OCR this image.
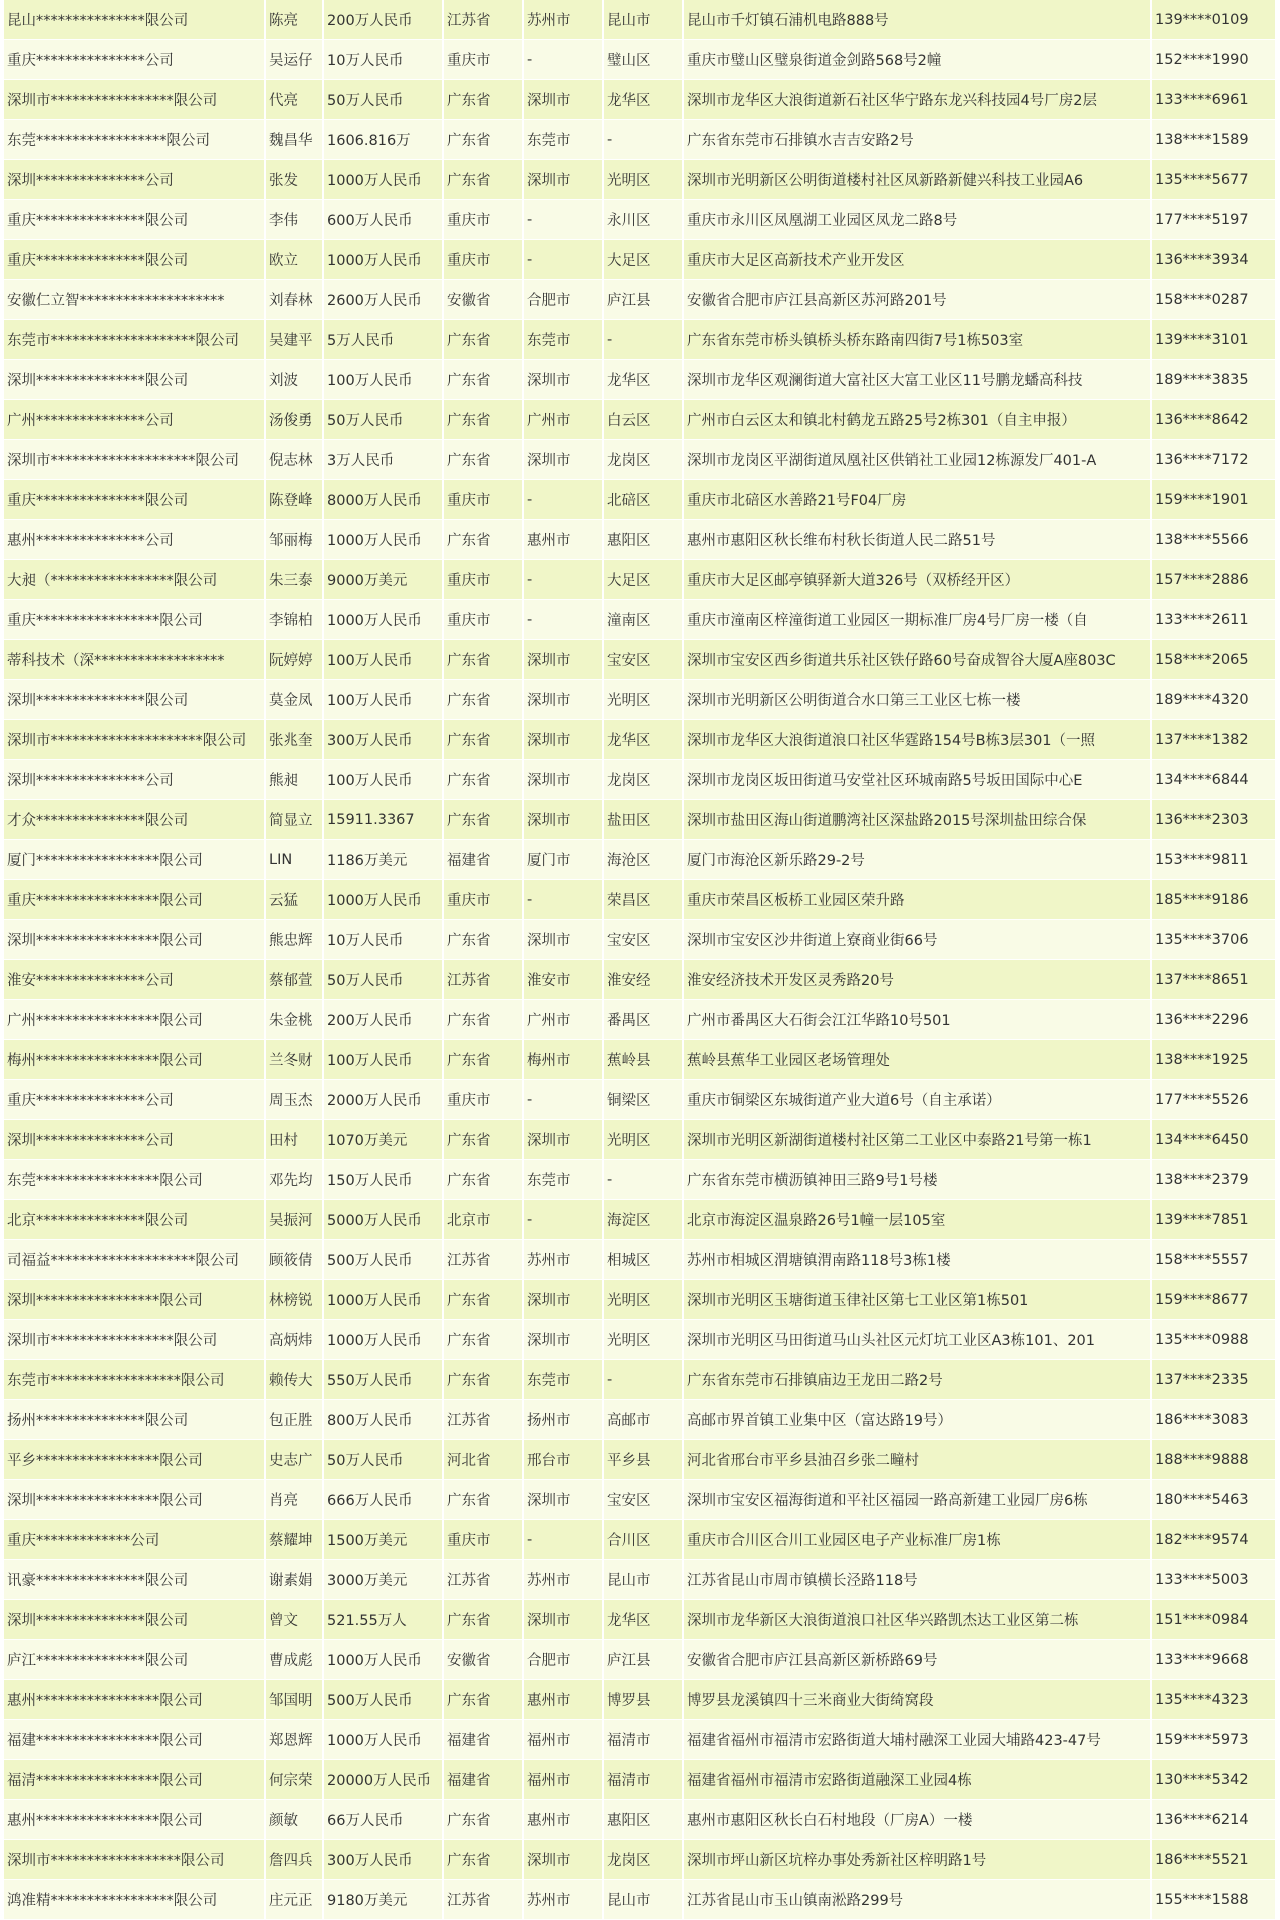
昆山***************限公司	陈亮	200万人民币	江苏省	苏州市	昆山市	昆山市千灯镇石浦机电路888号	139****0109
重庆***************公司	吴运仔	10万人民币	重庆市	-	璧山区	重庆市璧山区璧泉街道金剑路568号2幢	152****1990
深圳市*****************限公司	代亮	50万人民币	广东省	深圳市	龙华区	深圳市龙华区大浪街道新石社区华宁路东龙兴科技园4号厂房2层	133****6961
东莞******************限公司	魏昌华	1606.816万	广东省	东莞市	-	广东省东莞市石排镇水吉吉安路2号	138****1589
深圳***************公司	张发	1000万人民币	广东省	深圳市	光明区	深圳市光明新区公明街道楼村社区凤新路新健兴科技工业园A6	135****5677
重庆***************限公司	李伟	600万人民币	重庆市	-	永川区	重庆市永川区凤凰湖工业园区凤龙二路8号	177****5197
重庆***************限公司	欧立	1000万人民币	重庆市	-	大足区	重庆市大足区高新技术产业开发区	136****3934
安徽仁立智********************	刘春林	2600万人民币	安徽省	合肥市	庐江县	安徽省合肥市庐江县高新区苏河路201号	158****0287
东莞市********************限公司	吴建平	5万人民币	广东省	东莞市	-	广东省东莞市桥头镇桥头桥东路南四街7号1栋503室	139****3101
深圳***************限公司	刘波	100万人民币	广东省	深圳市	龙华区	深圳市龙华区观澜街道大富社区大富工业区11号鹏龙蟠高科技	189****3835
广州***************公司	汤俊勇	50万人民币	广东省	广州市	白云区	广州市白云区太和镇北村鹤龙五路25号2栋301（自主申报）	136****8642
深圳市********************限公司	倪志林	3万人民币	广东省	深圳市	龙岗区	深圳市龙岗区平湖街道凤凰社区供销社工业园12栋源发厂401-A	136****7172
重庆***************限公司	陈登峰	8000万人民币	重庆市	-	北碚区	重庆市北碚区水善路21号F04厂房	159****1901
惠州***************公司	邹丽梅	1000万人民币	广东省	惠州市	惠阳区	惠州市惠阳区秋长维布村秋长街道人民二路51号	138****5566
大昶（*****************限公司	朱三泰	9000万美元	重庆市	-	大足区	重庆市大足区邮亭镇驿新大道326号（双桥经开区）	157****2886
重庆*****************限公司	李锦柏	1000万人民币	重庆市	-	潼南区	重庆市潼南区梓潼街道工业园区一期标准厂房4号厂房一楼（自	133****2611
蒂科技术（深******************	阮婷婷	100万人民币	广东省	深圳市	宝安区	深圳市宝安区西乡街道共乐社区铁仔路60号奋成智谷大厦A座803C	158****2065
深圳***************限公司	莫金凤	100万人民币	广东省	深圳市	光明区	深圳市光明新区公明街道合水口第三工业区七栋一楼	189****4320
深圳市*********************限公司	张兆奎	300万人民币	广东省	深圳市	龙华区	深圳市龙华区大浪街道浪口社区华霆路154号B栋3层301（一照	137****1382
深圳***************公司	熊昶	100万人民币	广东省	深圳市	龙岗区	深圳市龙岗区坂田街道马安堂社区环城南路5号坂田国际中心E	134****6844
才众***************限公司	简显立	15911.3367	广东省	深圳市	盐田区	深圳市盐田区海山街道鹏湾社区深盐路2015号深圳盐田综合保	136****2303
厦门*****************限公司	LIN	1186万美元	福建省	厦门市	海沧区	厦门市海沧区新乐路29-2号	153****9811
重庆*****************限公司	云猛	1000万人民币	重庆市	-	荣昌区	重庆市荣昌区板桥工业园区荣升路	185****9186
深圳*****************限公司	熊忠辉	10万人民币	广东省	深圳市	宝安区	深圳市宝安区沙井街道上寮商业街66号	135****3706
淮安***************公司	蔡郁萱	50万人民币	江苏省	淮安市	淮安经	淮安经济技术开发区灵秀路20号	137****8651
广州*****************限公司	朱金桃	200万人民币	广东省	广州市	番禺区	广州市番禺区大石街会江江华路10号501	136****2296
梅州*****************限公司	兰冬财	100万人民币	广东省	梅州市	蕉岭县	蕉岭县蕉华工业园区老场管理处	138****1925
重庆***************公司	周玉杰	2000万人民币	重庆市	-	铜梁区	重庆市铜梁区东城街道产业大道6号（自主承诺）	177****5526
深圳***************公司	田村	1070万美元	广东省	深圳市	光明区	深圳市光明区新湖街道楼村社区第二工业区中泰路21号第一栋1	134****6450
东莞*****************限公司	邓先均	150万人民币	广东省	东莞市	-	广东省东莞市横沥镇神田三路9号1号楼	138****2379
北京***************限公司	吴振河	5000万人民币	北京市	-	海淀区	北京市海淀区温泉路26号1幢一层105室	139****7851
司福益********************限公司	顾筱倩	500万人民币	江苏省	苏州市	相城区	苏州市相城区渭塘镇渭南路118号3栋1楼	158****5557
深圳*****************限公司	林榜锐	1000万人民币	广东省	深圳市	光明区	深圳市光明区玉塘街道玉律社区第七工业区第1栋501	159****8677
深圳市*****************限公司	高炳炜	1000万人民币	广东省	深圳市	光明区	深圳市光明区马田街道马山头社区元灯坑工业区A3栋101、201	135****0988
东莞市******************限公司	赖传大	550万人民币	广东省	东莞市	-	广东省东莞市石排镇庙边王龙田二路2号	137****2335
扬州***************限公司	包正胜	800万人民币	江苏省	扬州市	高邮市	高邮市界首镇工业集中区（富达路19号）	186****3083
平乡*****************限公司	史志广	50万人民币	河北省	邢台市	平乡县	河北省邢台市平乡县油召乡张二疃村	188****9888
深圳*****************限公司	肖亮	666万人民币	广东省	深圳市	宝安区	深圳市宝安区福海街道和平社区福园一路高新建工业园厂房6栋	180****5463
重庆*************公司	蔡耀坤	1500万美元	重庆市	-	合川区	重庆市合川区合川工业园区电子产业标准厂房1栋	182****9574
讯豪***************限公司	谢素娟	3000万美元	江苏省	苏州市	昆山市	江苏省昆山市周市镇横长泾路118号	133****5003
深圳***************限公司	曾文	521.55万人	广东省	深圳市	龙华区	深圳市龙华新区大浪街道浪口社区华兴路凯杰达工业区第二栋	151****0984
庐江***************限公司	曹成彪	1000万人民币	安徽省	合肥市	庐江县	安徽省合肥市庐江县高新区新桥路69号	133****9668
惠州*****************限公司	邹国明	500万人民币	广东省	惠州市	博罗县	博罗县龙溪镇四十三米商业大街绮窝段	135****4323
福建*****************限公司	郑恩辉	1000万人民币	福建省	福州市	福清市	福建省福州市福清市宏路街道大埔村融深工业园大埔路423-47号	159****5973
福清*****************限公司	何宗荣	20000万人民币	福建省	福州市	福清市	福建省福州市福清市宏路街道融深工业园4栋	130****5342
惠州*****************限公司	颜敏	66万人民币	广东省	惠州市	惠阳区	惠州市惠阳区秋长白石村地段（厂房A）一楼	136****6214
深圳市******************限公司	詹四兵	300万人民币	广东省	深圳市	龙岗区	深圳市坪山新区坑梓办事处秀新社区梓明路1号	186****5521
鸿准精*****************限公司	庄元正	9180万美元	江苏省	苏州市	昆山市	江苏省昆山市玉山镇南淞路299号	155****1588
